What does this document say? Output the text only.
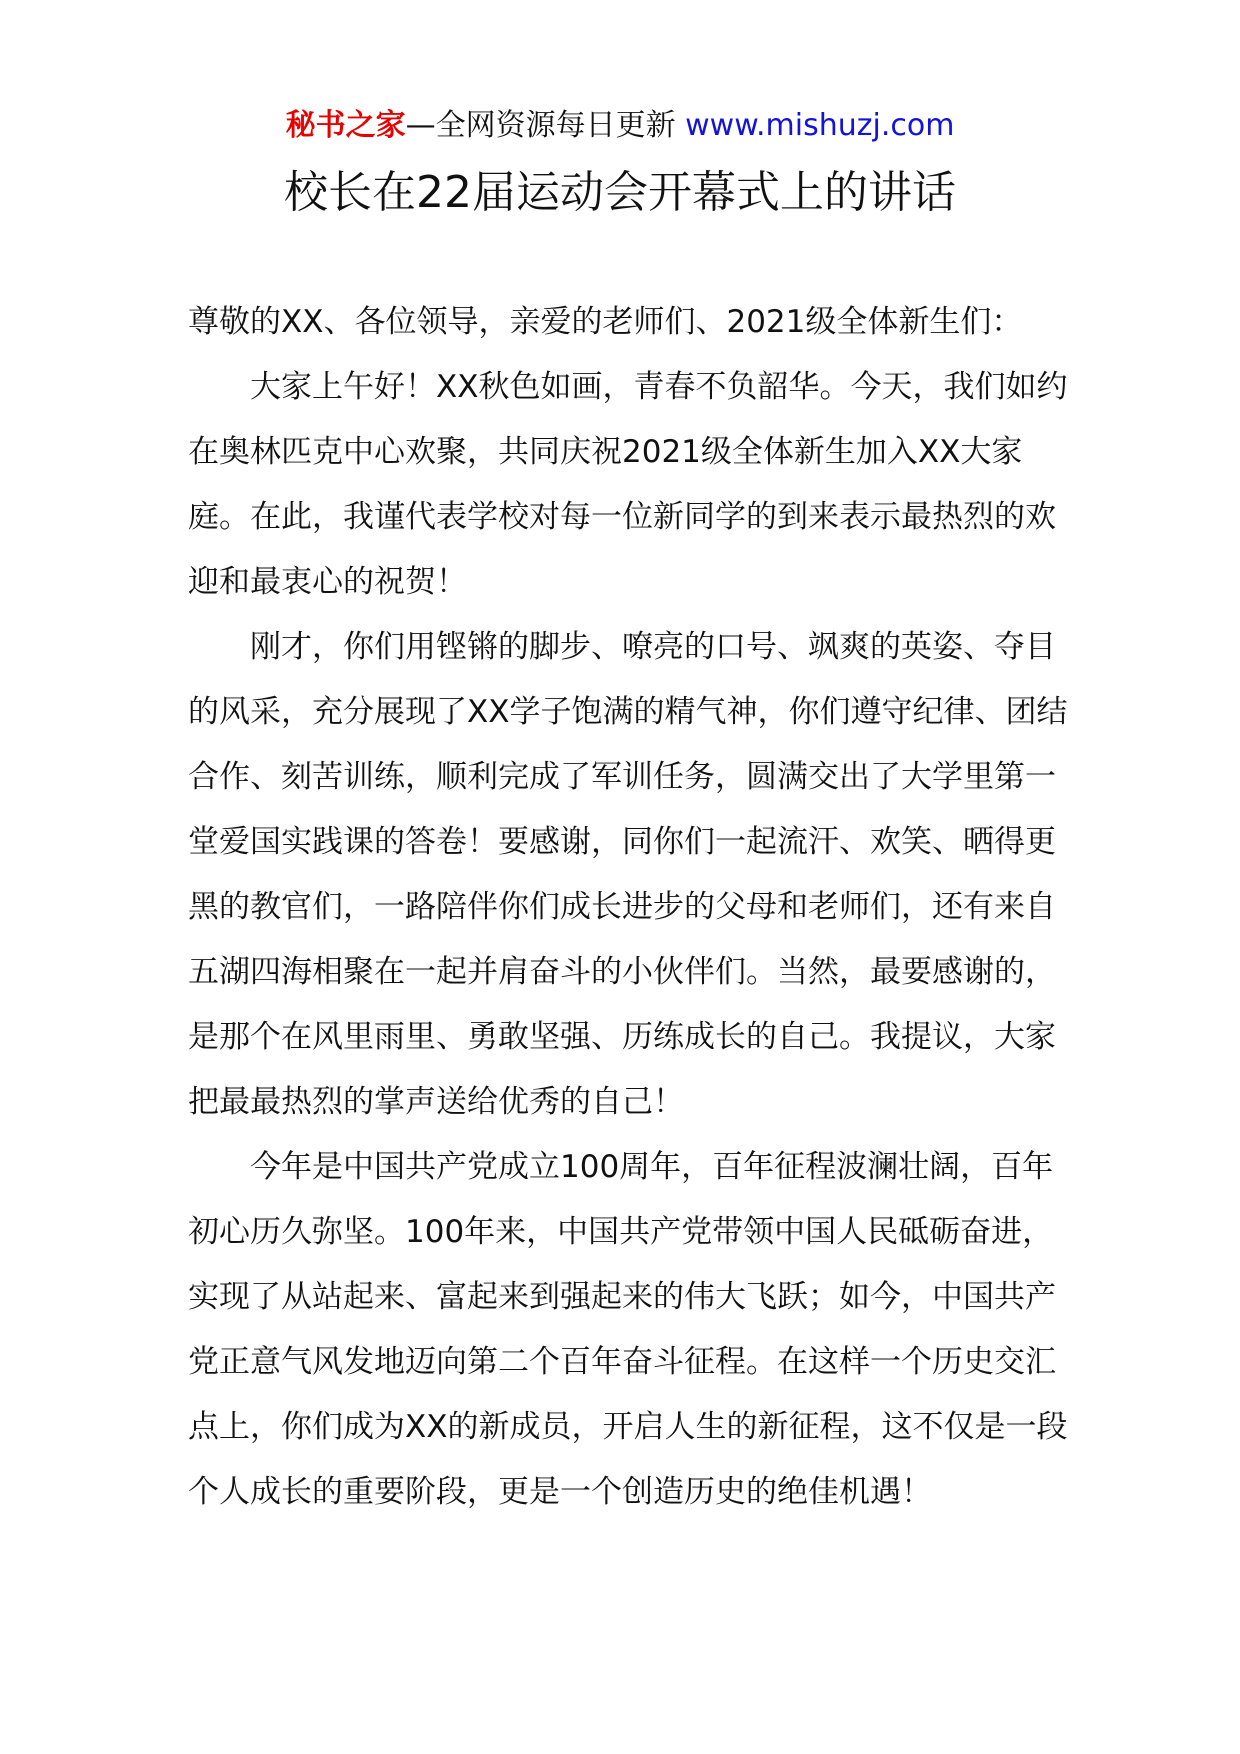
秘书之家—全网资源每日更新 www.mishuzj.com
校长在22届运动会开幕式上的讲话

尊敬的XX、各位领导，亲爱的老师们、2021级全体新生们：

大家上午好！XX秋色如画，青春不负韶华。今天，我们如约在奥林匹克中心欢聚，共同庆祝2021级全体新生加入XX大家庭。在此，我谨代表学校对每一位新同学的到来表示最热烈的欢迎和最衷心的祝贺！

刚才，你们用铿锵的脚步、嘹亮的口号、飒爽的英姿、夺目的风采，充分展现了XX学子饱满的精气神，你们遵守纪律、团结合作、刻苦训练，顺利完成了军训任务，圆满交出了大学里第一堂爱国实践课的答卷！要感谢，同你们一起流汗、欢笑、晒得更黑的教官们，一路陪伴你们成长进步的父母和老师们，还有来自五湖四海相聚在一起并肩奋斗的小伙伴们。当然，最要感谢的，是那个在风里雨里、勇敢坚强、历练成长的自己。我提议，大家把最最热烈的掌声送给优秀的自己！

今年是中国共产党成立100周年，百年征程波澜壮阔，百年初心历久弥坚。100年来，中国共产党带领中国人民砥砺奋进，实现了从站起来、富起来到强起来的伟大飞跃；如今，中国共产党正意气风发地迈向第二个百年奋斗征程。在这样一个历史交汇点上，你们成为XX的新成员，开启人生的新征程，这不仅是一段个人成长的重要阶段，更是一个创造历史的绝佳机遇！
